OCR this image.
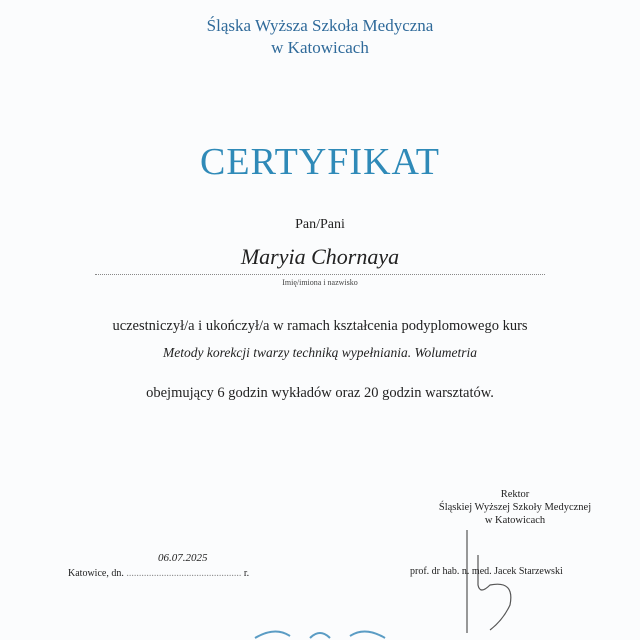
Śląska Wyższa Szkoła Medyczna
w Katowicach
CERTYFIKAT
Pan/Pani
Maryia Chornaya
Imię/imiona i nazwisko
uczestniczył/a i ukończył/a w ramach kształcenia podyplomowego kurs
Metody korekcji twarzy techniką wypełniania. Wolumetria
obejmujący 6 godzin wykładów oraz 20 godzin warsztatów.
Rektor
Śląskiej Wyższej Szkoły Medycznej
w Katowicach
prof. dr hab. n. med. Jacek Starzewski
Katowice, dn. .............................................. r.
06.07.2025
